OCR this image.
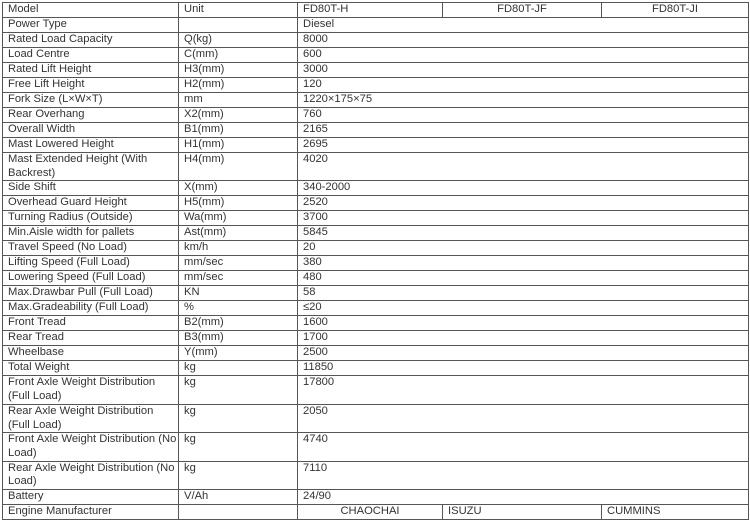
Model	Unit	FD80T-H	FD80T-JF	FD80T-JI
Power Type		Diesel		
Rated Load Capacity	Q(kg)	8000		
Load Centre	C(mm)	600		
Rated Lift Height	H3(mm)	3000		
Free Lift Height	H2(mm)	120		
Fork Size (L×W×T)	mm	1220×175×75		
Rear Overhang	X2(mm)	760		
Overall Width	B1(mm)	2165		
Mast Lowered Height	H1(mm)	2695		
Mast Extended Height (With Backrest)	H4(mm)	4020		
Side Shift	X(mm)	340-2000		
Overhead Guard Height	H5(mm)	2520		
Turning Radius (Outside)	Wa(mm)	3700		
Min.Aisle width for pallets	Ast(mm)	5845		
Travel Speed (No Load)	km/h	20		
Lifting Speed (Full Load)	mm/sec	380		
Lowering Speed (Full Load)	mm/sec	480		
Max.Drawbar Pull (Full Load)	KN	58		
Max.Gradeability (Full Load)	%	≤20		
Front Tread	B2(mm)	1600		
Rear Tread	B3(mm)	1700		
Wheelbase	Y(mm)	2500		
Total Weight	kg	11850		
Front Axle Weight Distribution (Full Load)	kg	17800		
Rear Axle Weight Distribution (Full Load)	kg	2050		
Front Axle Weight Distribution (No Load)	kg	4740		
Rear Axle Weight Distribution (No Load)	kg	7110		
Battery	V/Ah	24/90		
Engine Manufacturer		CHAOCHAI	ISUZU	CUMMINS
